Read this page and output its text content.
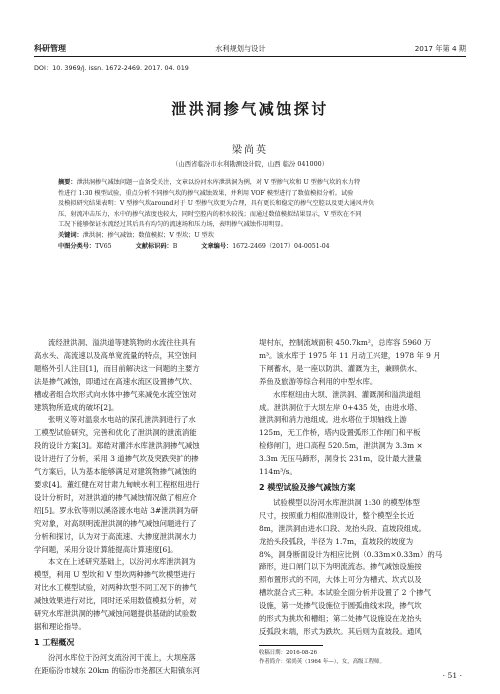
科研管理	水利规划与设计	2017 年第 4 期
DOI：10. 3969/j. issn. 1672-2469. 2017. 04. 019
泄洪洞掺气减蚀探讨
梁尚英
（山西省临汾市水利勘测设计院，山西 临汾 041000）
摘要：泄洪洞掺气减蚀问题一直备受关注，文章以汾河水库泄洪洞为例，对 V 型掺气坎和 U 型掺气坎的水力特
性进行 1:30 模型试验，重点分析不同掺气坎的掺气减蚀效果，并利用 VOF 模型进行了数值模拟分析。试验
及模拟研究结果表明：V 型掺气坎around对于 U 型掺气坎更为合理，具有更长和稳定的掺气空腔以及更大通风井负
压、射流冲击压力，水中的掺气浓度也较大，同时空腔内的积水较浅；而通过数值模拟结果显示，V 型坎在不同
工况下能够保证水流经过其后具有均匀的流速场和压力场，表明掺气减蚀作用明显。
关键词：泄洪洞；掺气减蚀；数值模拟；V 型坎；U 型坎
中图分类号：TV65	文献标识码：B	文章编号：1672-2469（2017）04-0051-04
流经泄洪洞、溢洪道等建筑物的水流往往具有
高水头、高流速以及高单宽流量的特点，其空蚀问
题格外引人注目[1]，而目前解决这一问题的主要方
法是掺气减蚀，即通过在高速水流区设置掺气坎、
槽或者组合坎形式向水体中掺气来减免水流空蚀对
建筑物所造成的破坏[2]。
张明义等对温泉水电站的深孔泄洪洞进行了水
工模型试验研究，完善和优化了泄洪洞的泄流消能
段的设计方案[3]。郑皓对灌泮水库泄洪洞掺气减蚀
设计进行了分析，采用 3 道掺气坎及突跌突扩的掺
气方案后，认为基本能够满足对建筑物掺气减蚀的
要求[4]。董红健在对甘肃九甸峡水利工程枢纽进行
设计分析时，对泄洪道的掺气减蚀情况做了相应介
绍[5]。罗永钦等则以溪洛渡水电站 3#泄洪洞为研
究对象，对高坝明流泄洪洞的掺气减蚀问题进行了
分析和探讨，认为对于高流速、大掺度泄洪洞水力
学问题，采用分设计算能提高计算速度[6]。
本文在上述研究基础上，以汾河水库泄洪洞为
模型，利用 U 型坎和 V 型坎两种掺气坎模型进行
对比水工模型试验，对两种坎型不同工况下的掺气
减蚀效果进行对比，同时还采用数值模拟分析，对
研究水库泄洪洞的掺气减蚀问题提供基础的试验数
据和理论指导。
1 工程概况
汾河水库位于汾河支流汾河干流上，大坝座落
在距临汾市城东 20km 的临汾市尧都区大阳镇东河
堤村东，控制流域面积 450.7km²，总库容 5960 万
m³。该水库于 1975 年 11 月动工兴建，1978 年 9 月
下闸蓄水，是一座以防洪、灌溉为主，兼顾供水、
养鱼及旅游等综合利用的中型水库。
水库枢纽由大坝、泄洪洞、灌溉洞和溢洪道组
成。泄洪洞位于大坝左岸 0+435 处，由进水塔、
泄洪洞和消力池组成。进水塔位于坝轴线上游
125m，无工作桥，塔内设置弧形工作闸门和平板
检修闸门，进口高程 520.5m，泄洪洞为 3.3m ×
3.3m 无压马蹄形，洞身长 231m，设计最大泄量
114m³/s。
2 模型试验及掺气减蚀方案
试验模型以汾河水库泄洪洞 1:30 的模型体型
尺寸，按照重力相似准则设计，整个模型全长近
8m，泄洪洞由进水口段、龙抬头段、直坡段组成。
龙抬头段弧段，半径为 1.7m，直坡段的坡度为
8%，洞身断面设计为相应比例（0.33m×0.33m）的马
蹄形，进口闸门以下为明流流态。掺气减蚀设施按
照布置形式的不同，大体上可分为槽式、坎式以及
槽坎混合式三种。本试验全面分析并设置了 2 个掺气
设施，第一处掺气设施位于圆弧曲线末段，掺气坎
的形式为挑坎和槽组；第二处掺气设施设在龙抬头
反弧段末端，形式为跌坎。其后则为直坡段。通风
收稿日期：2016-08-26
作者简介：梁尚英（1964 年—），女，高级工程师。
· 51 ·
